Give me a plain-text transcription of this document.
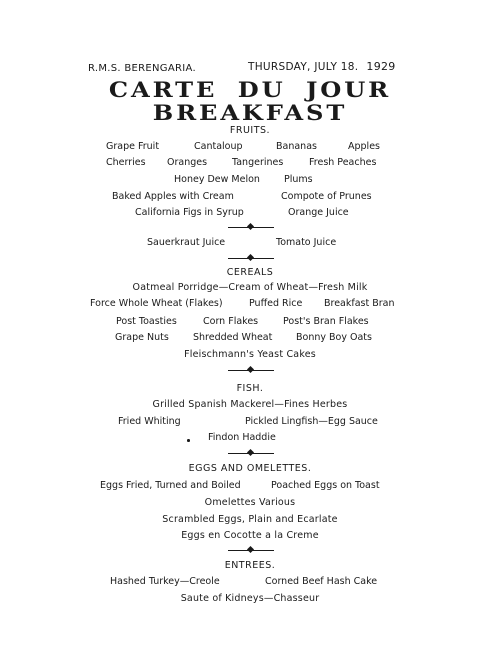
R.M.S. BERENGARIA.	THURSDAY, JULY 18. 1929
CARTE DU JOUR
BREAKFAST
FRUITS.
Grape Fruit	Cantaloup	Bananas	Apples
Cherries Oranges	Tangerines	Fresh Peaches
Honey Dew Melon	Plums
Baked Apples with Cream	Compote of Prunes
California Figs in Syrup	Orange Juice
Sauerkraut Juice	Tomato Juice
CEREALS
Oatmeal Porridge—Cream of Wheat—Fresh Milk
Force Whole Wheat (Flakes)	Puffed Rice Breakfast Bran
Post Toasties	Corn Flakes	Post's Bran Flakes
Grape Nuts	Shredded Wheat Bonny Boy Oats
Fleischmann's Yeast Cakes
FISH.
Grilled Spanish Mackerel—Fines Herbes
Fried Whiting	Pickled Lingfish—Egg Sauce
Findon Haddie
EGGS AND OMELETTES.
Eggs Fried, Turned and Boiled	Poached Eggs on Toast
Omelettes Various
Scrambled Eggs, Plain and Ecarlate
Eggs en Cocotte a la Creme
ENTREES.
Hashed Turkey—Creole	Corned Beef Hash Cake
Saute of Kidneys—Chasseur
